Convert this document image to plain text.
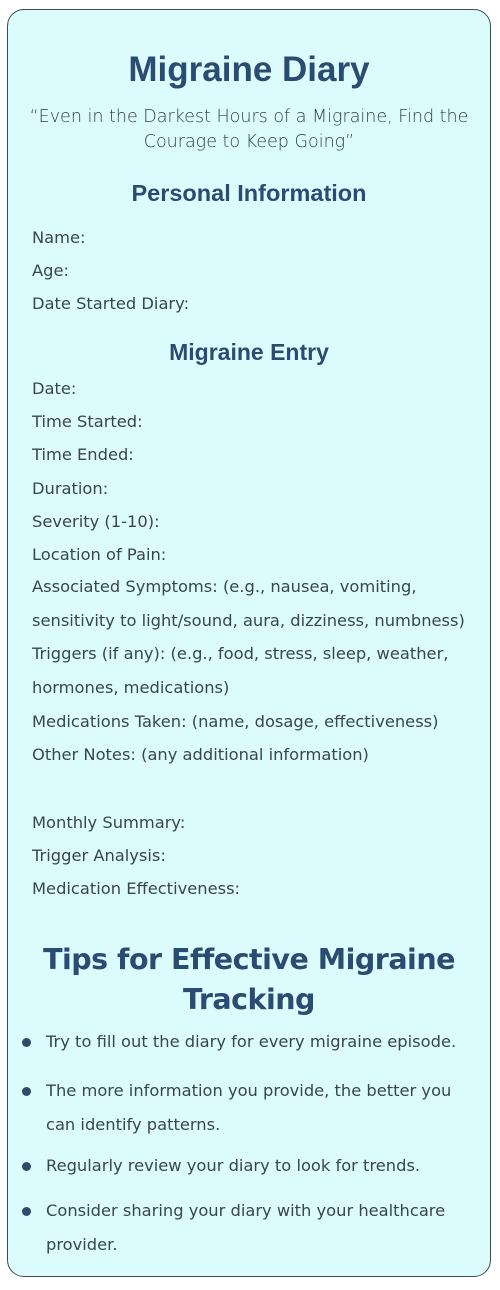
Migraine Diary

“Even in the Darkest Hours of a Migraine, Find the Courage to Keep Going”

Personal Information

Name:

Age:

Date Started Diary:

Migraine Entry

Date:

Time Started:

Time Ended:

Duration:

Severity (1-10):

Location of Pain:

Associated Symptoms: (e.g., nausea, vomiting, sensitivity to light/sound, aura, dizziness, numbness)

Triggers (if any): (e.g., food, stress, sleep, weather, hormones, medications)

Medications Taken: (name, dosage, effectiveness)

Other Notes: (any additional information)

Monthly Summary:

Trigger Analysis:

Medication Effectiveness:

Tips for Effective Migraine Tracking
Try to fill out the diary for every migraine episode.
The more information you provide, the better you can identify patterns.
Regularly review your diary to look for trends.
Consider sharing your diary with your healthcare provider.
